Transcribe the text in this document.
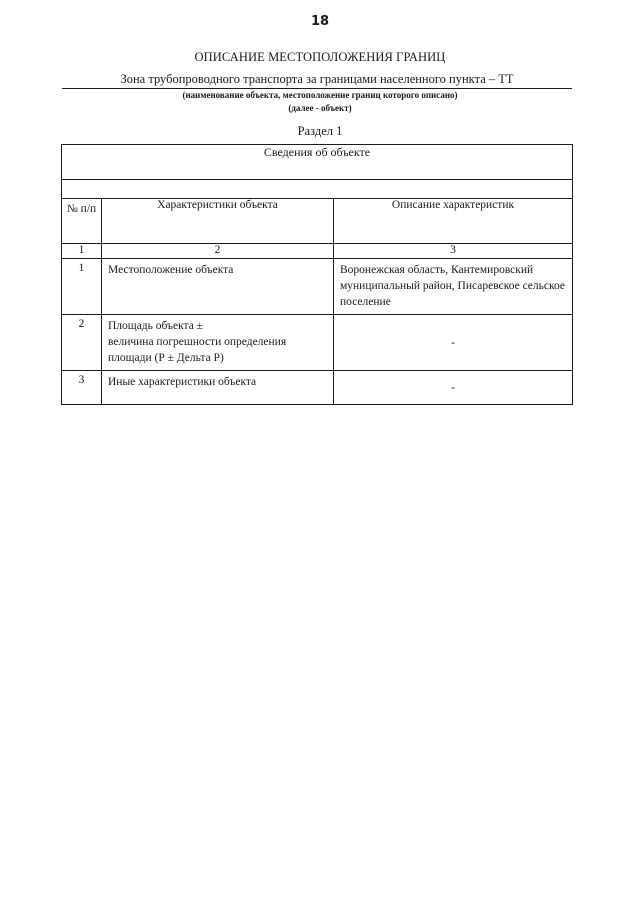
18
ОПИСАНИЕ МЕСТОПОЛОЖЕНИЯ ГРАНИЦ
Зона трубопроводного транспорта за границами населенного пункта – ТТ
(наименование объекта, местоположение границ которого описано)
(далее - объект)
Раздел 1
Сведения об объекте		

№ п/п	Характеристики объекта	Описание характеристик
1	2	3
1	Местоположение объекта	Воронежская область, Кантемировский муниципальный район, Писаревское сельское поселение
2	Площадь объекта ±
величина погрешности определения
площади (Р ± Дельта Р)	-
3	Иные характеристики объекта	-
